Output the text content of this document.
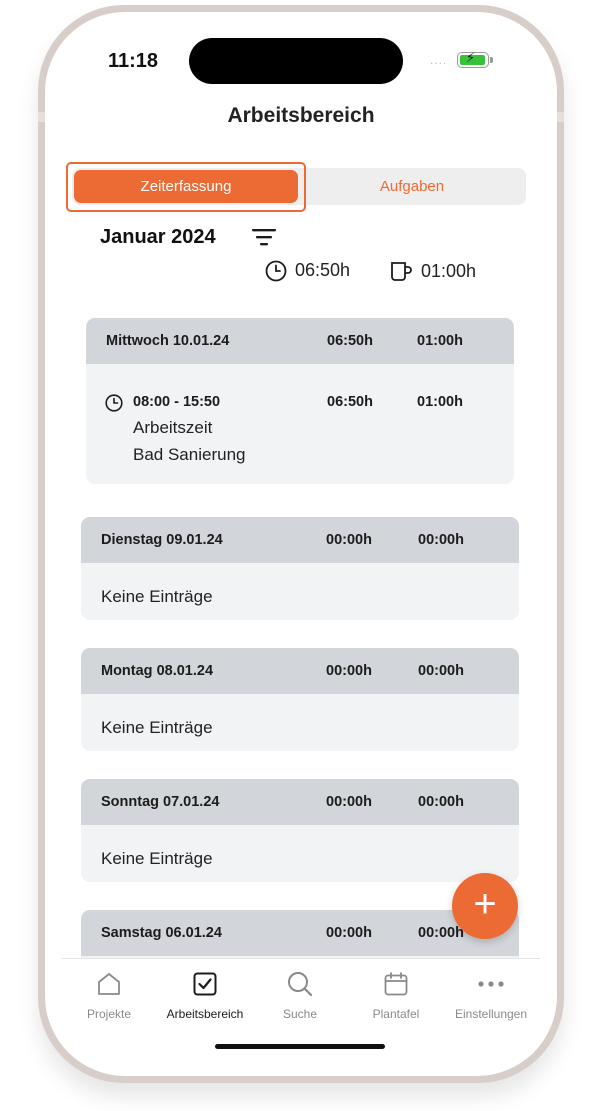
11:18	.... ⚡
Arbeitsbereich
Zeiterfassung	Aufgaben
Januar 2024
06:50h	01:00h
Mittwoch 10.01.24	06:50h	01:00h
08:00 - 15:50	06:50h	01:00h
Arbeitszeit
Bad Sanierung
Dienstag 09.01.24	00:00h	00:00h
Keine Einträge
Montag 08.01.24	00:00h	00:00h
Keine Einträge
Sonntag 07.01.24	00:00h	00:00h
Keine Einträge
Samstag 06.01.24	00:00h	00:00h
+
Projekte	Arbeitsbereich	Suche	Plantafel	Einstellungen
